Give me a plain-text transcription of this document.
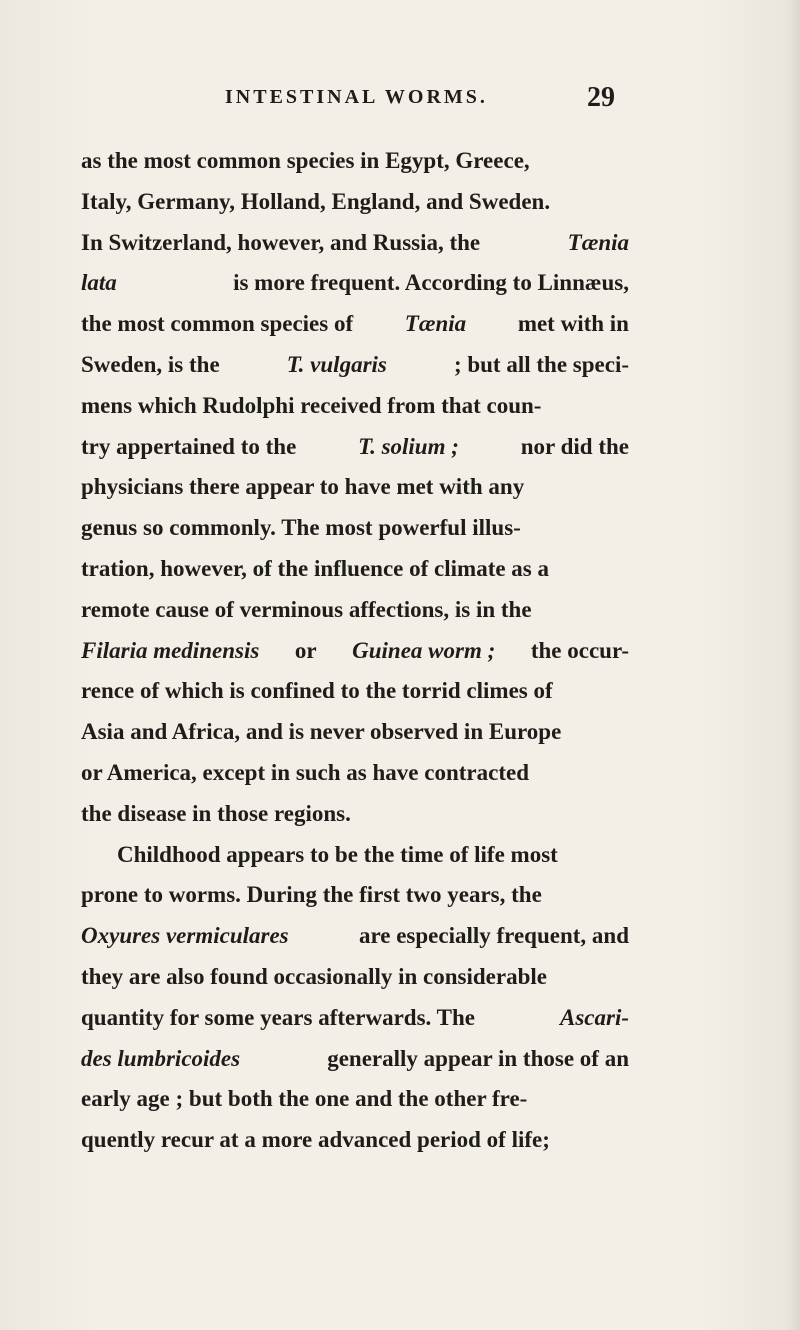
INTESTINAL WORMS.	29
as the most common species in Egypt, Greece,
Italy, Germany, Holland, England, and Sweden.
In Switzerland, however, and Russia, the	Tænia
lata	is more frequent. According to Linnæus,
the most common species of Tænia met with in
Sweden, is the	T. vulgaris	; but all the speci-
mens which Rudolphi received from that coun-
try appertained to the	T. solium ;	nor did the
physicians there appear to have met with any
genus so commonly. The most powerful illus-
tration, however, of the influence of climate as a
remote cause of verminous affections, is in the
Filaria medinensis or Guinea worm ; the occur-
rence of which is confined to the torrid climes of
Asia and Africa, and is never observed in Europe
or America, except in such as have contracted
the disease in those regions.
Childhood appears to be the time of life most
prone to worms. During the first two years, the
Oxyures vermiculares	are especially frequent, and
they are also found occasionally in considerable
quantity for some years afterwards. The	Ascari-
des lumbricoides	generally appear in those of an
early age ; but both the one and the other fre-
quently recur at a more advanced period of life;
